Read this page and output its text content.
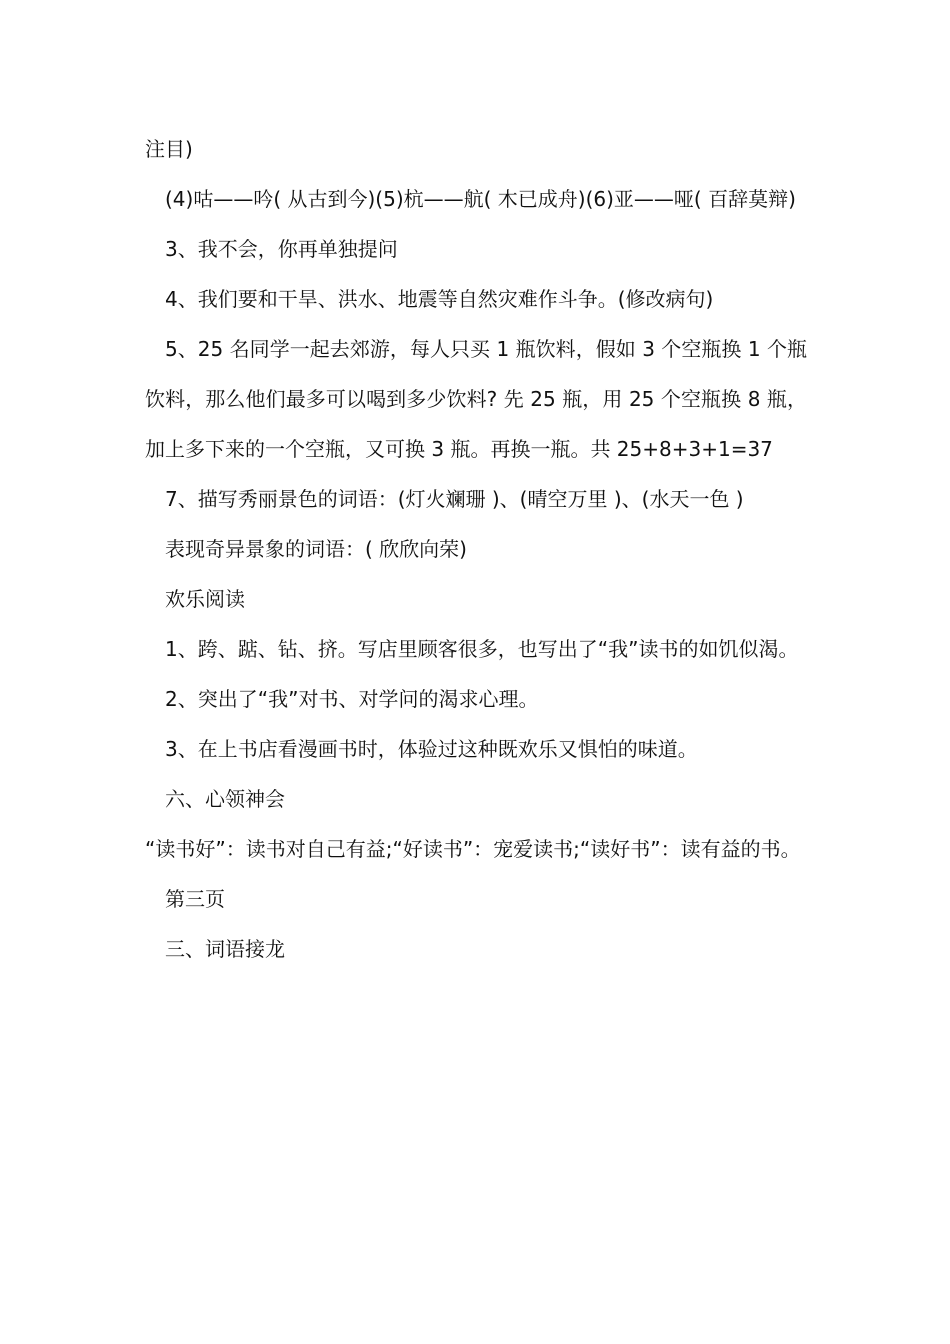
注目)

(4)咕——吟( 从古到今)(5)杭——航( 木已成舟)(6)亚——哑( 百辞莫辩)

3、我不会，你再单独提问

4、我们要和干旱、洪水、地震等自然灾难作斗争。(修改病句)

5、25 名同学一起去郊游，每人只买 1 瓶饮料，假如 3 个空瓶换 1 个瓶饮料，那么他们最多可以喝到多少饮料? 先 25 瓶，用 25 个空瓶换 8 瓶，加上多下来的一个空瓶，又可换 3 瓶。再换一瓶。共 25+8+3+1=37

7、描写秀丽景色的词语：(灯火斓珊 )、(晴空万里 )、(水天一色 )

表现奇异景象的词语：( 欣欣向荣)

欢乐阅读

1、跨、踮、钻、挤。写店里顾客很多，也写出了“我”读书的如饥似渴。

2、突出了“我”对书、对学问的渴求心理。

3、在上书店看漫画书时，体验过这种既欢乐又惧怕的味道。

六、心领神会

“读书好”：读书对自己有益;“好读书”：宠爱读书;“读好书”：读有益的书。

第三页

三、词语接龙
